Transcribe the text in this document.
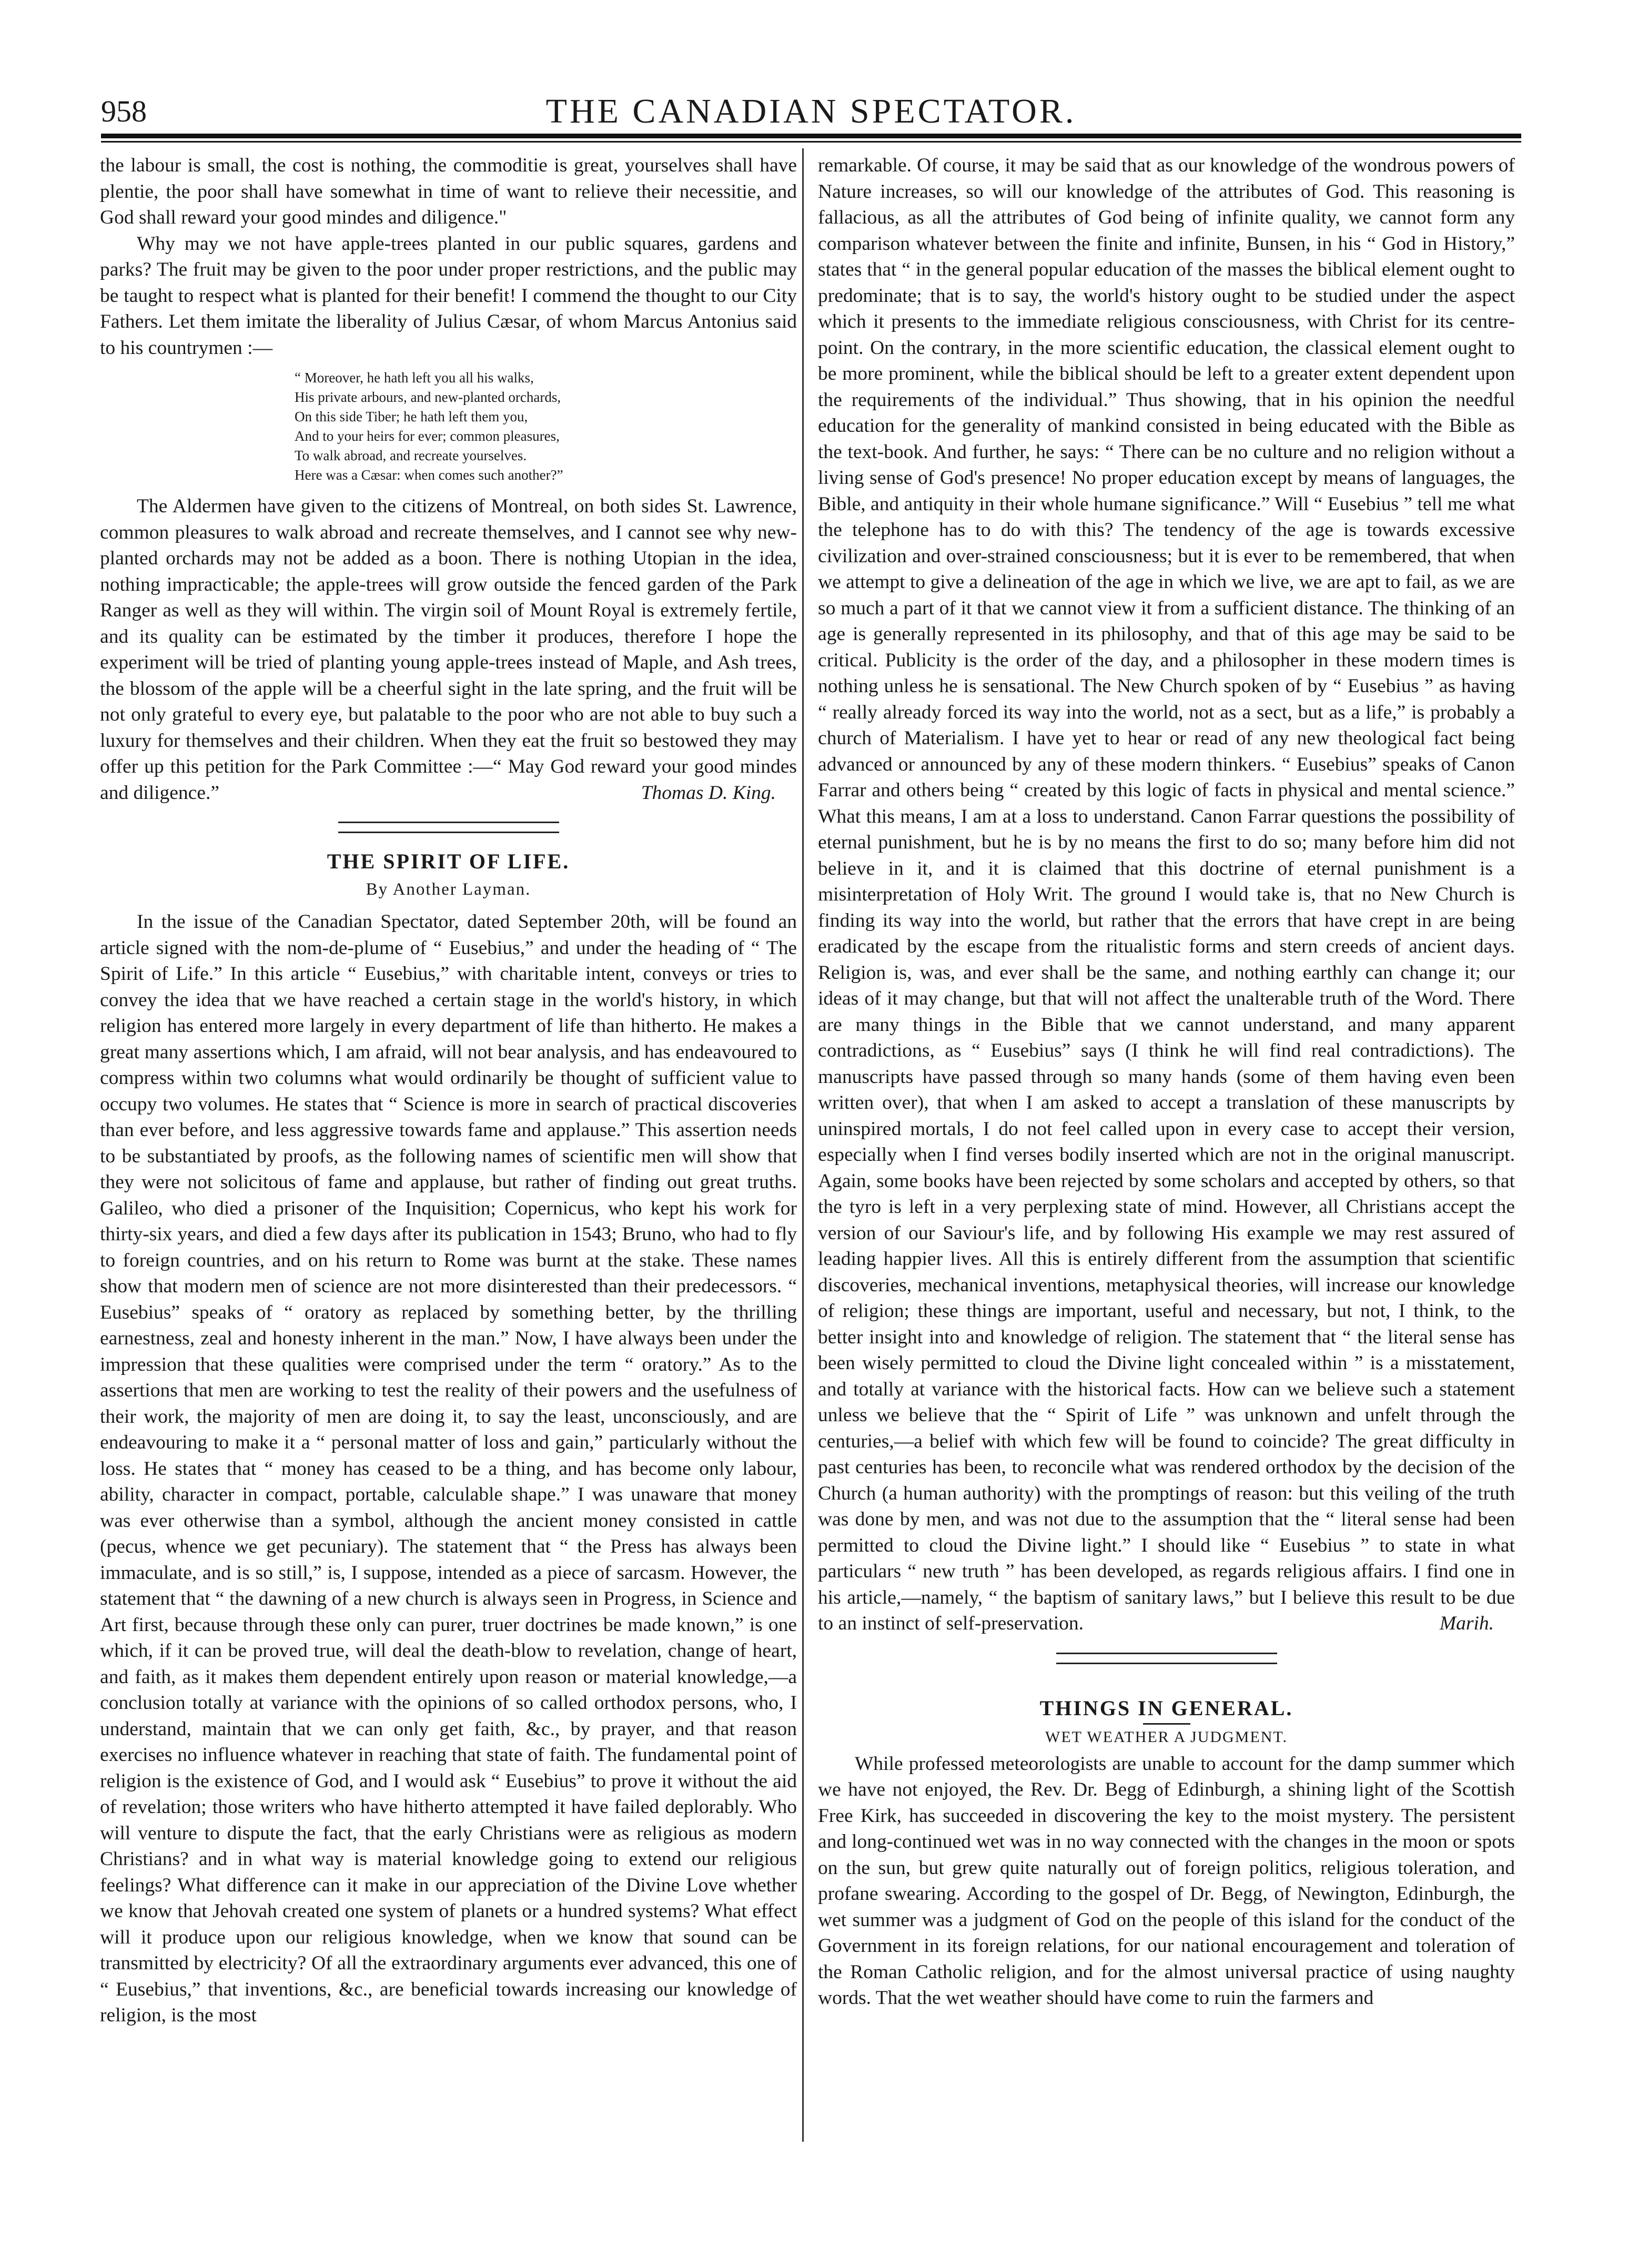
958	THE CANADIAN SPECTATOR.

the labour is small, the cost is nothing, the commoditie is great, yourselves shall have plentie, the poor shall have somewhat in time of want to relieve their necessitie, and God shall reward your good mindes and diligence."

Why may we not have apple-trees planted in our public squares, gardens and parks? The fruit may be given to the poor under proper restrictions, and the public may be taught to respect what is planted for their benefit! I commend the thought to our City Fathers. Let them imitate the liberality of Julius Cæsar, of whom Marcus Antonius said to his countrymen :—

“ Moreover, he hath left you all his walks,
His private arbours, and new-planted orchards,
On this side Tiber; he hath left them you,
And to your heirs for ever; common pleasures,
To walk abroad, and recreate yourselves.
Here was a Cæsar: when comes such another?”

The Aldermen have given to the citizens of Montreal, on both sides St. Lawrence, common pleasures to walk abroad and recreate themselves, and I cannot see why new-planted orchards may not be added as a boon. There is nothing Utopian in the idea, nothing impracticable; the apple-trees will grow outside the fenced garden of the Park Ranger as well as they will within. The virgin soil of Mount Royal is extremely fertile, and its quality can be estimated by the timber it produces, therefore I hope the experiment will be tried of planting young apple-trees instead of Maple, and Ash trees, the blossom of the apple will be a cheerful sight in the late spring, and the fruit will be not only grateful to every eye, but palatable to the poor who are not able to buy such a luxury for themselves and their children. When they eat the fruit so bestowed they may offer up this petition for the Park Committee :—“ May God reward your good mindes and diligence.”	Thomas D. King.

THE SPIRIT OF LIFE.
By Another Layman.

In the issue of the Canadian Spectator, dated September 20th, will be found an article signed with the nom-de-plume of “ Eusebius,” and under the heading of “ The Spirit of Life.” In this article “ Eusebius,” with charitable intent, conveys or tries to convey the idea that we have reached a certain stage in the world's history, in which religion has entered more largely in every department of life than hitherto. He makes a great many assertions which, I am afraid, will not bear analysis, and has endeavoured to compress within two columns what would ordinarily be thought of sufficient value to occupy two volumes. He states that “ Science is more in search of practical discoveries than ever before, and less aggressive towards fame and applause.” This assertion needs to be substantiated by proofs, as the following names of scientific men will show that they were not solicitous of fame and applause, but rather of finding out great truths. Galileo, who died a prisoner of the Inquisition; Copernicus, who kept his work for thirty-six years, and died a few days after its publication in 1543; Bruno, who had to fly to foreign countries, and on his return to Rome was burnt at the stake. These names show that modern men of science are not more disinterested than their predecessors. “ Eusebius” speaks of “ oratory as replaced by something better, by the thrilling earnestness, zeal and honesty inherent in the man.” Now, I have always been under the impression that these qualities were comprised under the term “ oratory.” As to the assertions that men are working to test the reality of their powers and the usefulness of their work, the majority of men are doing it, to say the least, unconsciously, and are endeavouring to make it a “ personal matter of loss and gain,” particularly without the loss. He states that “ money has ceased to be a thing, and has become only labour, ability, character in compact, portable, calculable shape.” I was unaware that money was ever otherwise than a symbol, although the ancient money consisted in cattle (pecus, whence we get pecuniary). The statement that “ the Press has always been immaculate, and is so still,” is, I suppose, intended as a piece of sarcasm. However, the statement that “ the dawning of a new church is always seen in Progress, in Science and Art first, because through these only can purer, truer doctrines be made known,” is one which, if it can be proved true, will deal the death-blow to revelation, change of heart, and faith, as it makes them dependent entirely upon reason or material knowledge,—a conclusion totally at variance with the opinions of so called orthodox persons, who, I understand, maintain that we can only get faith, &c., by prayer, and that reason exercises no influence whatever in reaching that state of faith. The fundamental point of religion is the existence of God, and I would ask “ Eusebius” to prove it without the aid of revelation; those writers who have hitherto attempted it have failed deplorably. Who will venture to dispute the fact, that the early Christians were as religious as modern Christians? and in what way is material knowledge going to extend our religious feelings? What difference can it make in our appreciation of the Divine Love whether we know that Jehovah created one system of planets or a hundred systems? What effect will it produce upon our religious knowledge, when we know that sound can be transmitted by electricity? Of all the extraordinary arguments ever advanced, this one of “ Eusebius,” that inventions, &c., are beneficial towards increasing our knowledge of religion, is the most

remarkable. Of course, it may be said that as our knowledge of the wondrous powers of Nature increases, so will our knowledge of the attributes of God. This reasoning is fallacious, as all the attributes of God being of infinite quality, we cannot form any comparison whatever between the finite and infinite, Bunsen, in his “ God in History,” states that “ in the general popular education of the masses the biblical element ought to predominate; that is to say, the world's history ought to be studied under the aspect which it presents to the immediate religious consciousness, with Christ for its centre-point. On the contrary, in the more scientific education, the classical element ought to be more prominent, while the biblical should be left to a greater extent dependent upon the requirements of the individual.” Thus showing, that in his opinion the needful education for the generality of mankind consisted in being educated with the Bible as the text-book. And further, he says: “ There can be no culture and no religion without a living sense of God's presence! No proper education except by means of languages, the Bible, and antiquity in their whole humane significance.” Will “ Eusebius ” tell me what the telephone has to do with this? The tendency of the age is towards excessive civilization and over-strained consciousness; but it is ever to be remembered, that when we attempt to give a delineation of the age in which we live, we are apt to fail, as we are so much a part of it that we cannot view it from a sufficient distance. The thinking of an age is generally represented in its philosophy, and that of this age may be said to be critical. Publicity is the order of the day, and a philosopher in these modern times is nothing unless he is sensational. The New Church spoken of by “ Eusebius ” as having “ really already forced its way into the world, not as a sect, but as a life,” is probably a church of Materialism. I have yet to hear or read of any new theological fact being advanced or announced by any of these modern thinkers. “ Eusebius” speaks of Canon Farrar and others being “ created by this logic of facts in physical and mental science.” What this means, I am at a loss to understand. Canon Farrar questions the possibility of eternal punishment, but he is by no means the first to do so; many before him did not believe in it, and it is claimed that this doctrine of eternal punishment is a misinterpretation of Holy Writ. The ground I would take is, that no New Church is finding its way into the world, but rather that the errors that have crept in are being eradicated by the escape from the ritualistic forms and stern creeds of ancient days. Religion is, was, and ever shall be the same, and nothing earthly can change it; our ideas of it may change, but that will not affect the unalterable truth of the Word. There are many things in the Bible that we cannot understand, and many apparent contradictions, as “ Eusebius” says (I think he will find real contradictions). The manuscripts have passed through so many hands (some of them having even been written over), that when I am asked to accept a translation of these manuscripts by uninspired mortals, I do not feel called upon in every case to accept their version, especially when I find verses bodily inserted which are not in the original manuscript. Again, some books have been rejected by some scholars and accepted by others, so that the tyro is left in a very perplexing state of mind. However, all Christians accept the version of our Saviour's life, and by following His example we may rest assured of leading happier lives. All this is entirely different from the assumption that scientific discoveries, mechanical inventions, metaphysical theories, will increase our knowledge of religion; these things are important, useful and necessary, but not, I think, to the better insight into and knowledge of religion. The statement that “ the literal sense has been wisely permitted to cloud the Divine light concealed within ” is a misstatement, and totally at variance with the historical facts. How can we believe such a statement unless we believe that the “ Spirit of Life ” was unknown and unfelt through the centuries,—a belief with which few will be found to coincide? The great difficulty in past centuries has been, to reconcile what was rendered orthodox by the decision of the Church (a human authority) with the promptings of reason: but this veiling of the truth was done by men, and was not due to the assumption that the “ literal sense had been permitted to cloud the Divine light.” I should like “ Eusebius ” to state in what particulars “ new truth ” has been developed, as regards religious affairs. I find one in his article,—namely, “ the baptism of sanitary laws,” but I believe this result to be due to an instinct of self-preservation.	Marih.

THINGS IN GENERAL.
WET WEATHER A JUDGMENT.

While professed meteorologists are unable to account for the damp summer which we have not enjoyed, the Rev. Dr. Begg of Edinburgh, a shining light of the Scottish Free Kirk, has succeeded in discovering the key to the moist mystery. The persistent and long-continued wet was in no way connected with the changes in the moon or spots on the sun, but grew quite naturally out of foreign politics, religious toleration, and profane swearing. According to the gospel of Dr. Begg, of Newington, Edinburgh, the wet summer was a judgment of God on the people of this island for the conduct of the Government in its foreign relations, for our national encouragement and toleration of the Roman Catholic religion, and for the almost universal practice of using naughty words. That the wet weather should have come to ruin the farmers and
